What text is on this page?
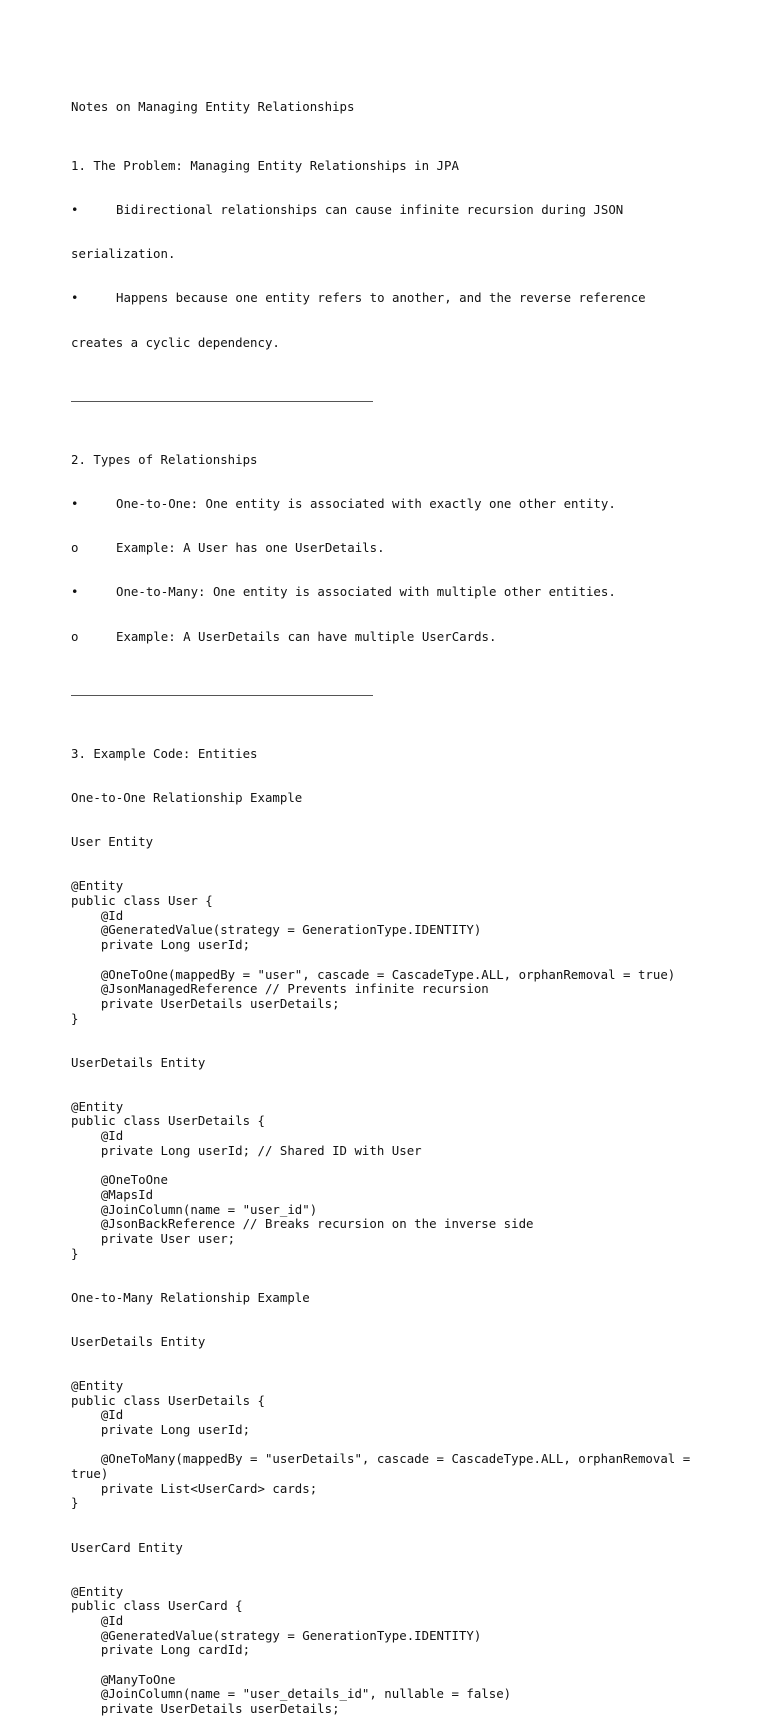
Notes on Managing Entity Relationships

1. The Problem: Managing Entity Relationships in JPA

•	Bidirectional relationships can cause infinite recursion during JSON

serialization.

•	Happens because one entity refers to another, and the reverse reference

creates a cyclic dependency.

2. Types of Relationships

•	One-to-One: One entity is associated with exactly one other entity.

o	Example: A User has one UserDetails.

•	One-to-Many: One entity is associated with multiple other entities.

o	Example: A UserDetails can have multiple UserCards.

3. Example Code: Entities

One-to-One Relationship Example

User Entity

@Entity
public class User {
@Id
@GeneratedValue(strategy = GenerationType.IDENTITY)
private Long userId;
@OneToOne(mappedBy = "user", cascade = CascadeType.ALL, orphanRemoval = true)
@JsonManagedReference // Prevents infinite recursion
private UserDetails userDetails;
}

UserDetails Entity

@Entity
public class UserDetails {
@Id
private Long userId; // Shared ID with User
@OneToOne
@MapsId
@JoinColumn(name = "user_id")
@JsonBackReference // Breaks recursion on the inverse side
private User user;
}

One-to-Many Relationship Example

UserDetails Entity

@Entity
public class UserDetails {
@Id
private Long userId;
@OneToMany(mappedBy = "userDetails", cascade = CascadeType.ALL, orphanRemoval =
true)
private List<UserCard> cards;
}

UserCard Entity

@Entity
public class UserCard {
@Id
@GeneratedValue(strategy = GenerationType.IDENTITY)
private Long cardId;
@ManyToOne
@JoinColumn(name = "user_details_id", nullable = false)
private UserDetails userDetails;
